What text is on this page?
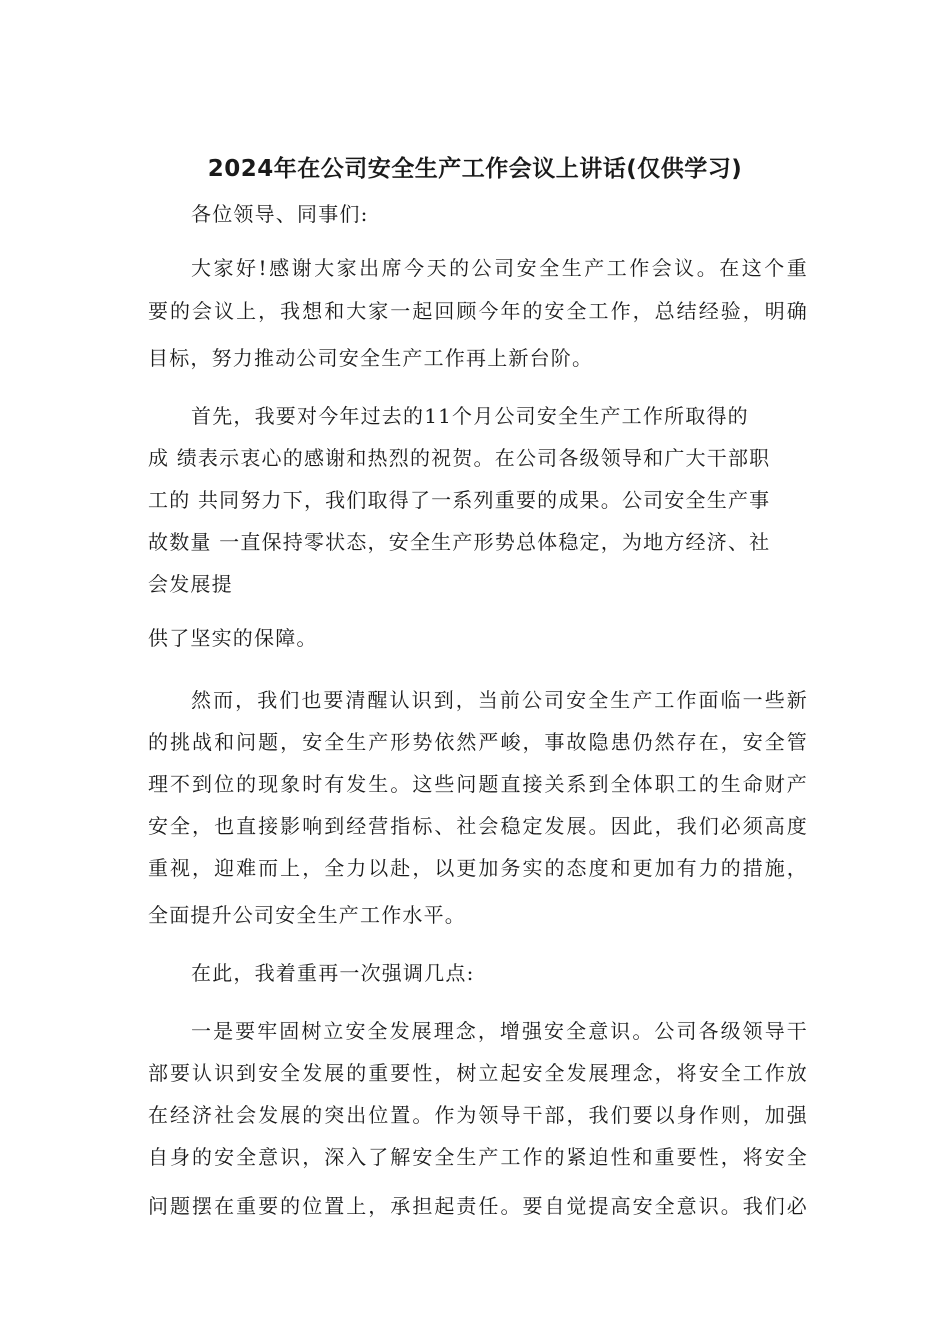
2024年在公司安全生产工作会议上讲话(仅供学习)

各位领导、同事们:

大家好!感谢大家出席今天的公司安全生产工作会议。在这个重
要的会议上，我想和大家一起回顾今年的安全工作，总结经验，明确
目标，努力推动公司安全生产工作再上新台阶。

首先，我要对今年过去的11个月公司安全生产工作所取得的
成 绩表示衷心的感谢和热烈的祝贺。在公司各级领导和广大干部职
工的 共同努力下，我们取得了一系列重要的成果。公司安全生产事
故数量 一直保持零状态，安全生产形势总体稳定，为地方经济、社
会发展提
供了坚实的保障。

然而，我们也要清醒认识到，当前公司安全生产工作面临一些新
的挑战和问题，安全生产形势依然严峻，事故隐患仍然存在，安全管
理不到位的现象时有发生。这些问题直接关系到全体职工的生命财产
安全，也直接影响到经营指标、社会稳定发展。因此，我们必须高度
重视，迎难而上，全力以赴，以更加务实的态度和更加有力的措施，
全面提升公司安全生产工作水平。

在此，我着重再一次强调几点:

一是要牢固树立安全发展理念，增强安全意识。公司各级领导干
部要认识到安全发展的重要性，树立起安全发展理念，将安全工作放
在经济社会发展的突出位置。作为领导干部，我们要以身作则，加强
自身的安全意识，深入了解安全生产工作的紧迫性和重要性，将安全
问题摆在重要的位置上，承担起责任。要自觉提高安全意识。我们必
